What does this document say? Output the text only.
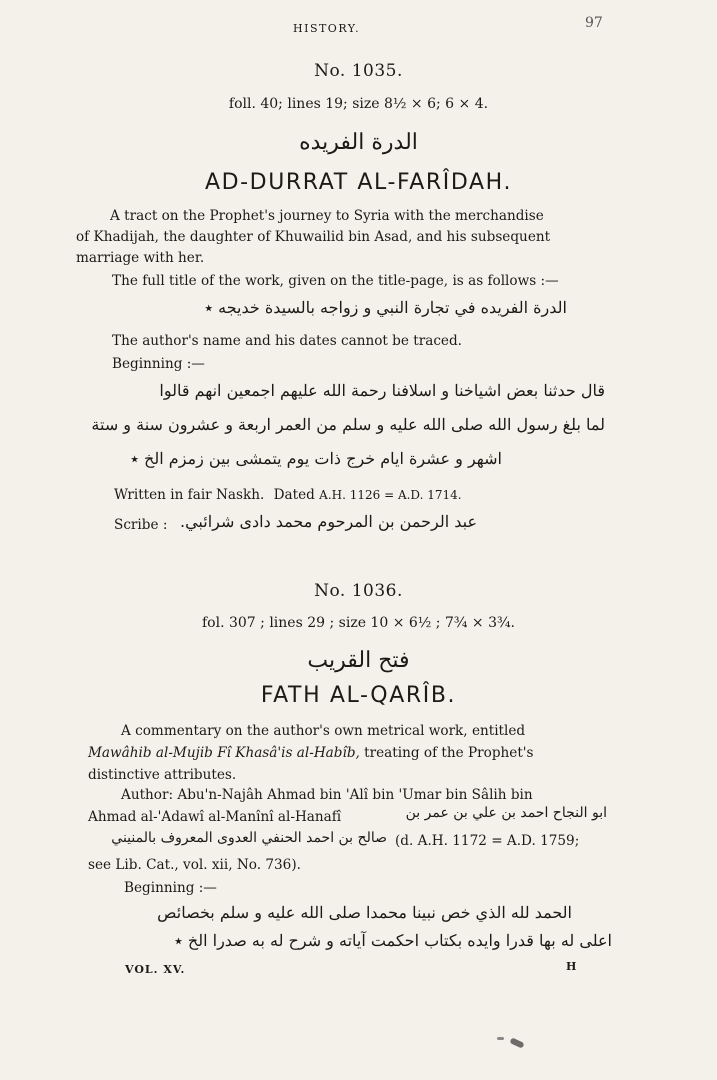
HISTORY.	97
No. 1035.
foll. 40; lines 19; size 8½ × 6; 6 × 4.
الدرة الفريده
AD-DURRAT AL-FARÎDAH.
A tract on the Prophet's journey to Syria with the merchandise
of Khadijah, the daughter of Khuwailid bin Asad, and his subsequent
marriage with her.
The full title of the work, given on the title-page, is as follows :—
الدرة الفريده في تجارة النبي و زواجه بالسيدة خديجه ٭
The author's name and his dates cannot be traced.
Beginning :—
قال حدثنا بعض اشياخنا و اسلافنا رحمة الله عليهم اجمعين انهم قالوا
لما بلغ رسول الله صلى الله عليه و سلم من العمر اربعة و عشرون سنة و ستة
اشهر و عشرة ايام خرج ذات يوم يتمشى بين زمزم الخ ٭
Written in fair Naskh. Dated A.H. 1126 = A.D. 1714.
Scribe : عبد الرحمن بن المرحوم محمد دادى شرائبي.
No. 1036.
fol. 307 ; lines 29 ; size 10 × 6½ ; 7¾ × 3¾.
فتح القريب
FATH AL-QARÎB.
A commentary on the author's own metrical work, entitled
Mawâhib al-Mujib Fî Khasâ'is al-Habîb, treating of the Prophet's
distinctive attributes.
Author: Abu'n-Najâh Ahmad bin 'Alî bin 'Umar bin Sâlih bin
Ahmad al-'Adawî al-Manînî al-Hanafî	ابو النجاح احمد بن علي بن عمر بن
صالح بن احمد الحنفي العدوى المعروف بالمنيني (d. A.H. 1172 = A.D. 1759;
see Lib. Cat., vol. xii, No. 736).
Beginning :—
الحمد لله الذي خص نبينا محمدا صلى الله عليه و سلم بخصائص
اعلى له بها قدرا وايده بكتاب احكمت آياته و شرح له به صدرا الخ ٭
VOL. XV.	H
